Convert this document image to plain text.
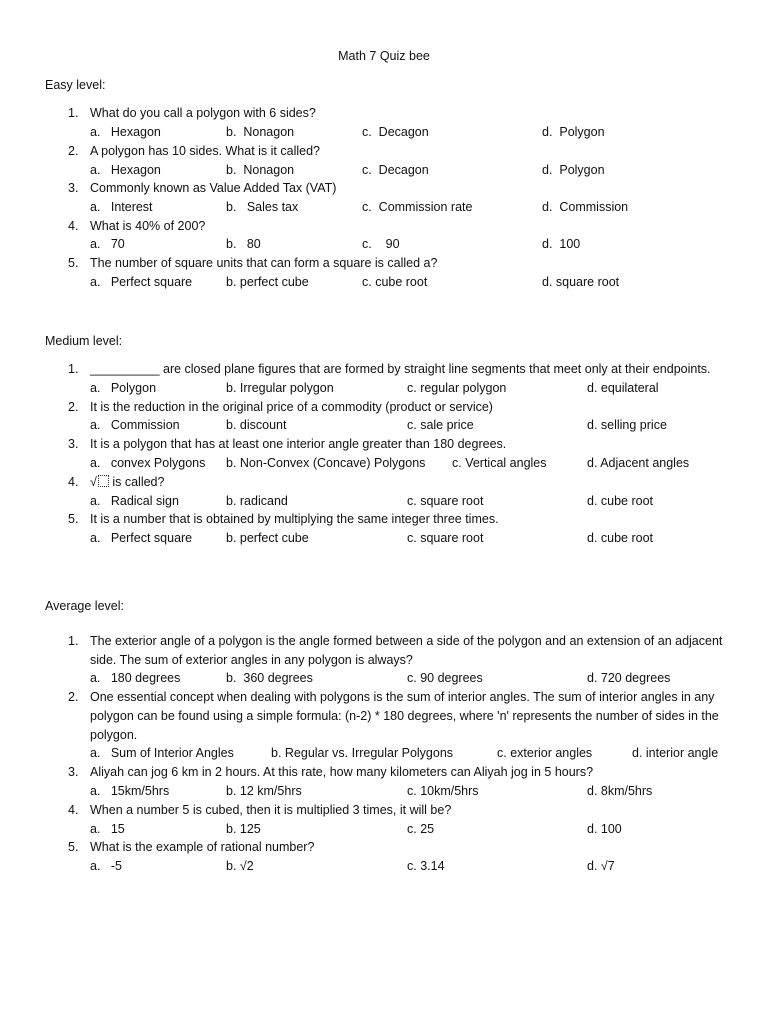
Math 7 Quiz bee
Easy level:
1. What do you call a polygon with 6 sides?
a.   Hexagon	b.  Nonagon	c.  Decagon	d.  Polygon
2. A polygon has 10 sides. What is it called?
a.   Hexagon	b.  Nonagon	c.  Decagon	d.  Polygon
3. Commonly known as Value Added Tax (VAT)
a.   Interest	b.   Sales tax	c.  Commission rate	d.  Commission
4. What is 40% of 200?
a.   70	b.   80	c.    90	d.  100
5. The number of square units that can form a square is called a?
a.   Perfect square	b. perfect cube	c. cube root	d. square root
Medium level:
1. __________ are closed plane figures that are formed by straight line segments that meet only at their endpoints.
a.   Polygon	b. Irregular polygon	c. regular polygon	d. equilateral
2. It is the reduction in the original price of a commodity (product or service)
a.   Commission	b. discount	c. sale price	d. selling price
3. It is a polygon that has at least one interior angle greater than 180 degrees.
a.   convex Polygons b. Non-Convex (Concave) Polygons c. Vertical angles	d. Adjacent angles
4. √ is called?
a.   Radical sign	b. radicand	c. square root	d. cube root
5. It is a number that is obtained by multiplying the same integer three times.
a.   Perfect square	b. perfect cube	c. square root	d. cube root
Average level:
1. The exterior angle of a polygon is the angle formed between a side of the polygon and an extension of an adjacent side. The sum of exterior angles in any polygon is always?
a.   180 degrees	b.  360 degrees	c. 90 degrees	d. 720 degrees
2. One essential concept when dealing with polygons is the sum of interior angles. The sum of interior angles in any polygon can be found using a simple formula: (n-2) * 180 degrees, where 'n' represents the number of sides in the polygon.
a.   Sum of Interior Angles	b. Regular vs. Irregular Polygons	c. exterior angles	d. interior angle
3. Aliyah can jog 6 km in 2 hours. At this rate, how many kilometers can Aliyah jog in 5 hours?
a.   15km/5hrs	b. 12 km/5hrs	c. 10km/5hrs	d. 8km/5hrs
4. When a number 5 is cubed, then it is multiplied 3 times, it will be?
a.   15	b. 125	c. 25	d. 100
5. What is the example of rational number?
a.   -5	b. √2	c. 3.14	d. √7
